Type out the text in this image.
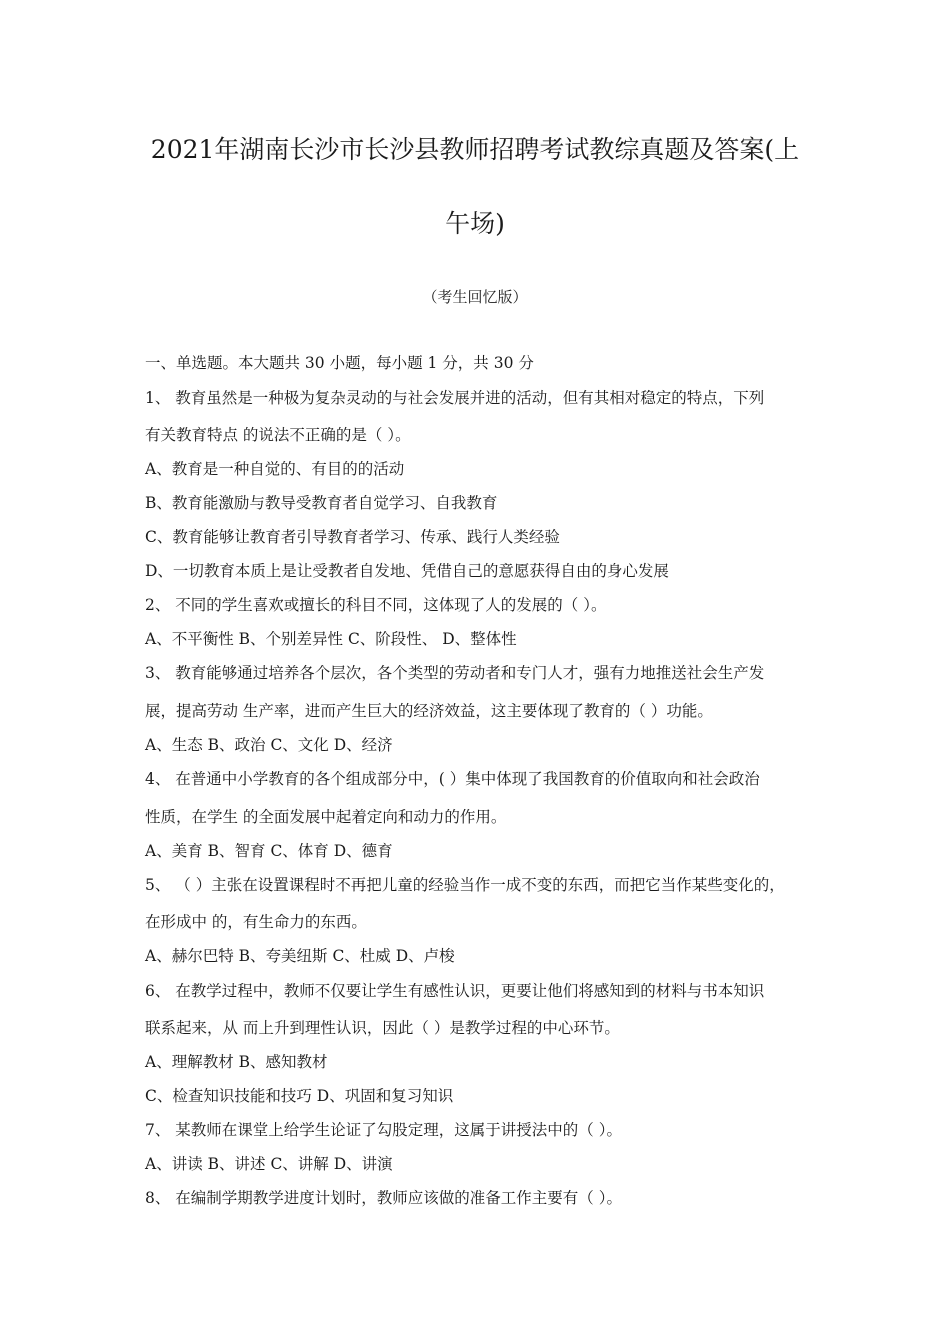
2021年湖南长沙市长沙县教师招聘考试教综真题及答案(上
午场)
（考生回忆版）
一、单选题。本大题共 30 小题，每小题 1 分，共 30 分
1、 教育虽然是一种极为复杂灵动的与社会发展并进的活动，但有其相对稳定的特点，下列
有关教育特点 的说法不正确的是（ ）。
A、教育是一种自觉的、有目的的活动
B、教育能激励与教导受教育者自觉学习、自我教育
C、教育能够让教育者引导教育者学习、传承、践行人类经验
D、一切教育本质上是让受教者自发地、凭借自己的意愿获得自由的身心发展
2、 不同的学生喜欢或擅长的科目不同，这体现了人的发展的（ ）。
A、不平衡性 B、个别差异性 C、阶段性、 D、整体性
3、 教育能够通过培养各个层次，各个类型的劳动者和专门人才，强有力地推送社会生产发
展，提高劳动 生产率，进而产生巨大的经济效益，这主要体现了教育的（ ）功能。
A、生态 B、政治 C、文化 D、经济
4、 在普通中小学教育的各个组成部分中，( ）集中体现了我国教育的价值取向和社会政治
性质，在学生 的全面发展中起着定向和动力的作用。
A、美育 B、智育 C、体育 D、德育
5、 （ ）主张在设置课程时不再把儿童的经验当作一成不变的东西，而把它当作某些变化的，
在形成中 的，有生命力的东西。
A、赫尔巴特 B、夸美纽斯 C、杜威 D、卢梭
6、 在教学过程中，教师不仅要让学生有感性认识，更要让他们将感知到的材料与书本知识
联系起来，从 而上升到理性认识，因此（ ）是教学过程的中心环节。
A、理解教材 B、感知教材
C、检查知识技能和技巧 D、巩固和复习知识
7、 某教师在课堂上给学生论证了勾股定理，这属于讲授法中的（ ）。
A、讲读 B、讲述 C、讲解 D、讲演
8、 在编制学期教学进度计划时，教师应该做的准备工作主要有（ ）。
